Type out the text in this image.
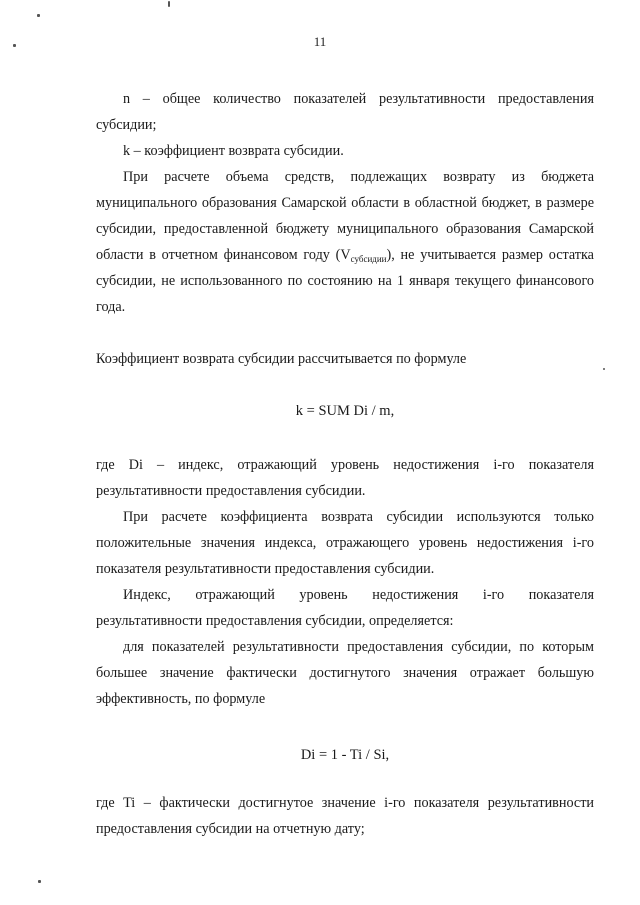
11

n – общее количество показателей результативности предоставления субсидии;

k – коэффициент возврата субсидии.

При расчете объема средств, подлежащих возврату из бюджета муниципального образования Самарской области в областной бюджет, в размере субсидии, предоставленной бюджету муниципального образования Самарской области в отчетном финансовом году $(V_{субсидии})$, не учитывается размер остатка субсидии, не использованного по состоянию на 1 января текущего финансового года.

Коэффициент возврата субсидии рассчитывается по формуле

k = SUM Di / m,

где Di – индекс, отражающий уровень недостижения i-го показателя результативности предоставления субсидии.

При расчете коэффициента возврата субсидии используются только положительные значения индекса, отражающего уровень недостижения i-го показателя результативности предоставления субсидии.

Индекс, отражающий уровень недостижения i-го показателя результативности предоставления субсидии, определяется:

для показателей результативности предоставления субсидии, по которым большее значение фактически достигнутого значения отражает большую эффективность, по формуле

Di = 1 - Ti / Si,

где Ti – фактически достигнутое значение i-го показателя результативности предоставления субсидии на отчетную дату;
